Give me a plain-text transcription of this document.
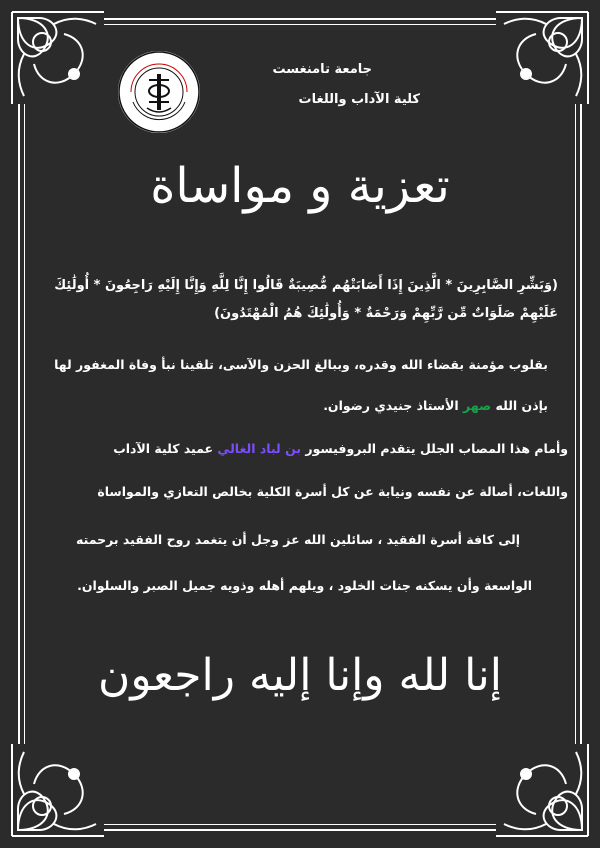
جامعة تامنغست
كلية الآداب واللغات
تعزية و مواساة
(وَبَشِّرِ الصَّابِرِينَ * الَّذِينَ إِذَا أَصَابَتْهُم مُّصِيبَةٌ قَالُوا إِنَّا لِلَّهِ وَإِنَّا إِلَيْهِ رَاجِعُونَ * أُولَٰئِكَ عَلَيْهِمْ صَلَوَاتٌ مِّن رَّبِّهِمْ وَرَحْمَةٌ * وَأُولَٰئِكَ هُمُ الْمُهْتَدُونَ)
بقلوب مؤمنة بقضاء الله وقدره، وببالغ الحزن والآسى، تلقينا نبأ وفاة المغفور لها
بإذن الله صهر الأستاذ جنيدي رضوان.
وأمام هذا المصاب الجلل يتقدم البروفيسور بن لباد الغالي عميد كلية الآداب
واللغات، أصالة عن نفسه ونيابة عن كل أسرة الكلية بخالص التعازي والمواساة
إلى كافة أسرة الفقيد ، سائلين الله عز وجل أن يتغمد روح الفقيد برحمته
الواسعة وأن يسكنه جنات الخلود ، ويلهم أهله وذويه جميل الصبر والسلوان.
إنا لله وإنا إليه راجعون
